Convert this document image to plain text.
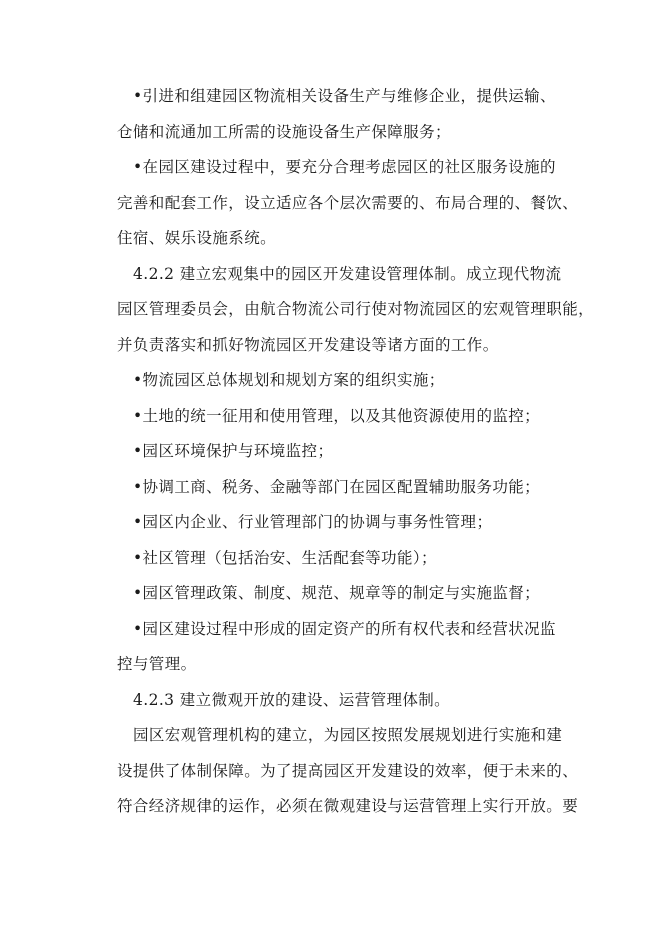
•引进和组建园区物流相关设备生产与维修企业，提供运输、
仓储和流通加工所需的设施设备生产保障服务；
•在园区建设过程中，要充分合理考虑园区的社区服务设施的
完善和配套工作，设立适应各个层次需要的、布局合理的、餐饮、
住宿、娱乐设施系统。
4.2.2 建立宏观集中的园区开发建设管理体制。成立现代物流
园区管理委员会，由航合物流公司行使对物流园区的宏观管理职能，
并负责落实和抓好物流园区开发建设等诸方面的工作。
•物流园区总体规划和规划方案的组织实施；
•土地的统一征用和使用管理，以及其他资源使用的监控；
•园区环境保护与环境监控；
•协调工商、税务、金融等部门在园区配置辅助服务功能；
•园区内企业、行业管理部门的协调与事务性管理；
•社区管理（包括治安、生活配套等功能）；
•园区管理政策、制度、规范、规章等的制定与实施监督；
•园区建设过程中形成的固定资产的所有权代表和经营状况监
控与管理。
4.2.3 建立微观开放的建设、运营管理体制。
园区宏观管理机构的建立，为园区按照发展规划进行实施和建
设提供了体制保障。为了提高园区开发建设的效率，便于未来的、
符合经济规律的运作，必须在微观建设与运营管理上实行开放。要
